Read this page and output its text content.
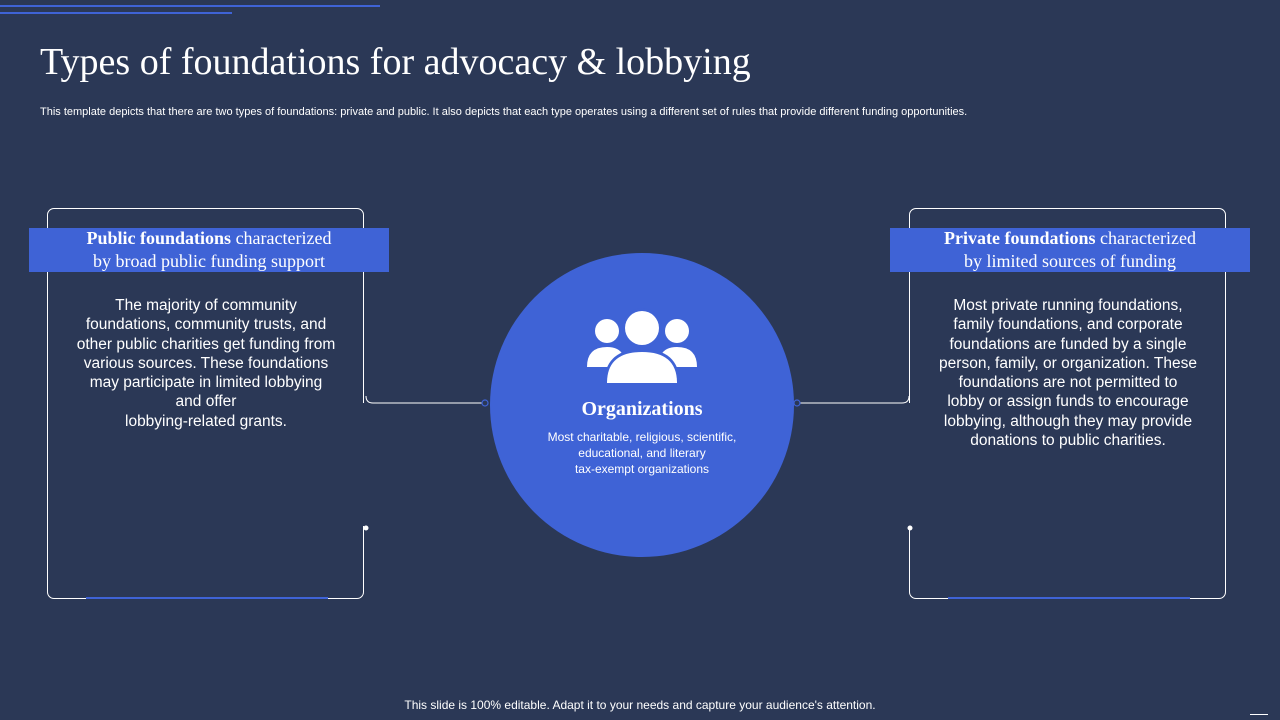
Types of foundations for advocacy & lobbying
This template depicts that there are two types of foundations: private and public. It also depicts that each type operates using a different set of rules that provide different funding opportunities.
Public foundations characterized
by broad public funding support
The majority of community
foundations, community trusts, and
other public charities get funding from
various sources. These foundations
may participate in limited lobbying
and offer
lobbying-related grants.
Private foundations characterized
by limited sources of funding
Most private running foundations,
family foundations, and corporate
foundations are funded by a single
person, family, or organization. These
foundations are not permitted to
lobby or assign funds to encourage
lobbying, although they may provide
donations to public charities.
Organizations
Most charitable, religious, scientific,
educational, and literary
tax-exempt organizations
This slide is 100% editable. Adapt it to your needs and capture your audience's attention.
